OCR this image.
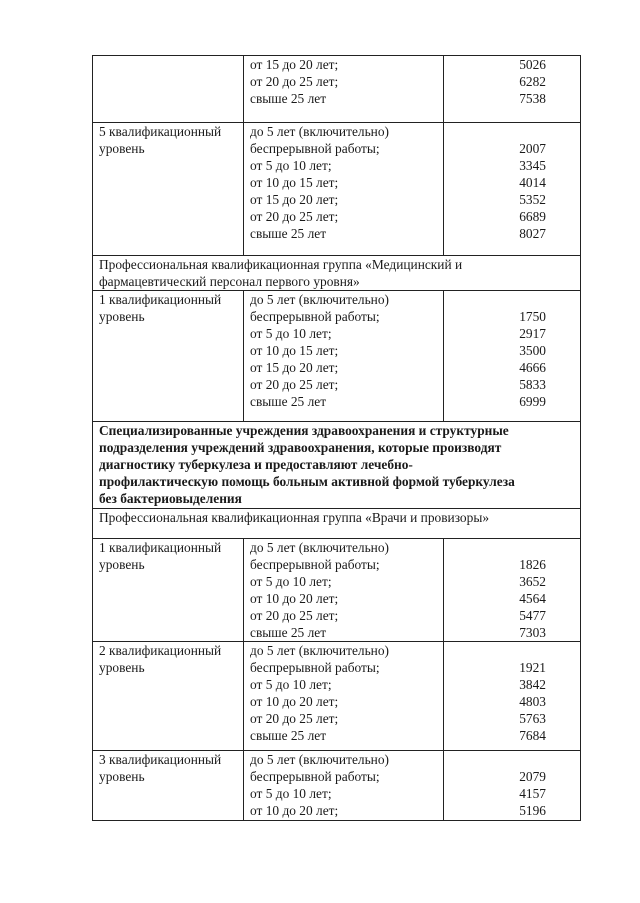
от 15 до 20 лет;
от 20 до 25 лет;
свыше 25 лет
5026
6282
7538
5 квалификационный
уровень
до 5 лет (включительно)
беспрерывной работы;
от 5 до 10 лет;
от 10 до 15 лет;
от 15 до 20 лет;
от 20 до 25 лет;
свыше 25 лет
2007
3345
4014
5352
6689
8027
Профессиональная квалификационная группа «Медицинский и
фармацевтический персонал первого уровня»
1 квалификационный
уровень
до 5 лет (включительно)
беспрерывной работы;
от 5 до 10 лет;
от 10 до 15 лет;
от 15 до 20 лет;
от 20 до 25 лет;
свыше 25 лет
1750
2917
3500
4666
5833
6999
Специализированные учреждения здравоохранения и структурные
подразделения учреждений здравоохранения, которые производят
диагностику туберкулеза и предоставляют лечебно-
профилактическую помощь больным активной формой туберкулеза
без бактериовыделения
Профессиональная квалификационная группа «Врачи и провизоры»
1 квалификационный
уровень
до 5 лет (включительно)
беспрерывной работы;
от 5 до 10 лет;
от 10 до 20 лет;
от 20 до 25 лет;
свыше 25 лет
1826
3652
4564
5477
7303
2 квалификационный
уровень
до 5 лет (включительно)
беспрерывной работы;
от 5 до 10 лет;
от 10 до 20 лет;
от 20 до 25 лет;
свыше 25 лет
1921
3842
4803
5763
7684
3 квалификационный
уровень
до 5 лет (включительно)
беспрерывной работы;
от 5 до 10 лет;
от 10 до 20 лет;
2079
4157
5196
